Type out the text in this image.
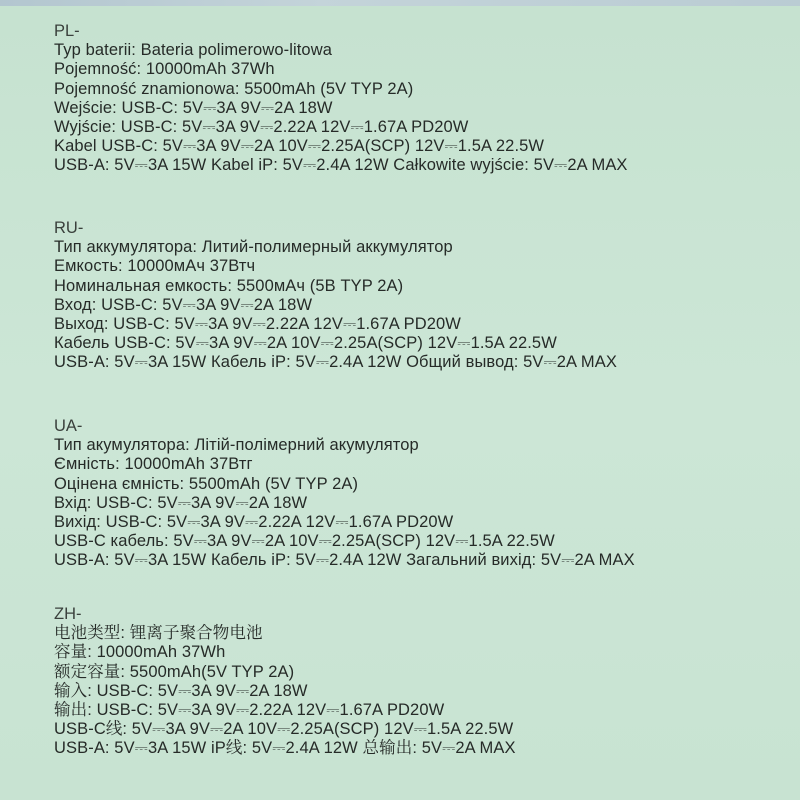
PL-
Typ baterii: Bateria polimerowo-litowa
Pojemność: 10000mAh 37Wh
Pojemność znamionowa: 5500mAh (5V TYP 2A)
Wejście: USB-C: 5V⎓3A 9V⎓2A 18W
Wyjście: USB-C: 5V⎓3A 9V⎓2.22A 12V⎓1.67A PD20W
Kabel USB-C: 5V⎓3A 9V⎓2A 10V⎓2.25A(SCP) 12V⎓1.5A 22.5W
USB-A: 5V⎓3A 15W Kabel iP: 5V⎓2.4A 12W Całkowite wyjście: 5V⎓2A MAX
RU-
Тип аккумулятора: Литий-полимерный аккумулятор
Емкость: 10000мАч 37Втч
Номинальная емкость: 5500мАч (5В TYP 2A)
Вход: USB-C: 5V⎓3A 9V⎓2A 18W
Выход: USB-C: 5V⎓3A 9V⎓2.22A 12V⎓1.67A PD20W
Кабель USB-C: 5V⎓3A 9V⎓2A 10V⎓2.25A(SCP) 12V⎓1.5A 22.5W
USB-A: 5V⎓3A 15W Кабель iP: 5V⎓2.4A 12W Общий вывод: 5V⎓2A MAX
UA-
Тип акумулятора: Літій-полімерний акумулятор
Ємність: 10000mAh 37Втг
Оцінена ємність: 5500mAh (5V TYP 2A)
Вхід: USB-C: 5V⎓3A 9V⎓2A 18W
Вихід: USB-C: 5V⎓3A 9V⎓2.22A 12V⎓1.67A PD20W
USB-C кабель: 5V⎓3A 9V⎓2A 10V⎓2.25A(SCP) 12V⎓1.5A 22.5W
USB-A: 5V⎓3A 15W Кабель iP: 5V⎓2.4A 12W Загальний вихід: 5V⎓2A MAX
ZH-
电池类型: 锂离子聚合物电池
容量: 10000mAh 37Wh
额定容量: 5500mAh(5V TYP 2A)
输入: USB-C: 5V⎓3A 9V⎓2A 18W
输出: USB-C: 5V⎓3A 9V⎓2.22A 12V⎓1.67A PD20W
USB-C线: 5V⎓3A 9V⎓2A 10V⎓2.25A(SCP) 12V⎓1.5A 22.5W
USB-A: 5V⎓3A 15W iP线: 5V⎓2.4A 12W 总输出: 5V⎓2A MAX
